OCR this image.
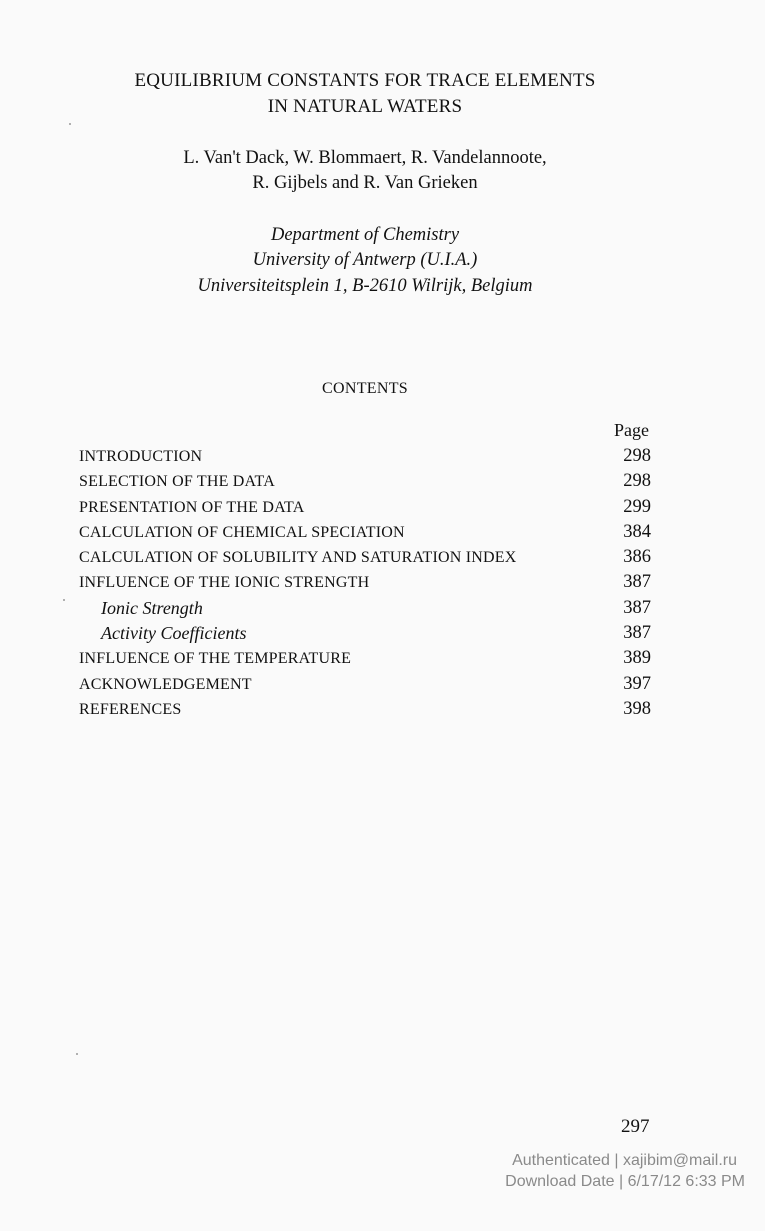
EQUILIBRIUM CONSTANTS FOR TRACE ELEMENTS
IN NATURAL WATERS
L. Van't Dack, W. Blommaert, R. Vandelannoote,
R. Gijbels and R. Van Grieken
Department of Chemistry
University of Antwerp (U.I.A.)
Universiteitsplein 1, B-2610 Wilrijk, Belgium
CONTENTS
Page
INTRODUCTION	298
SELECTION OF THE DATA	298
PRESENTATION OF THE DATA	299
CALCULATION OF CHEMICAL SPECIATION	384
CALCULATION OF SOLUBILITY AND SATURATION INDEX	386
INFLUENCE OF THE IONIC STRENGTH	387
Ionic Strength	387
Activity Coefficients	387
INFLUENCE OF THE TEMPERATURE	389
ACKNOWLEDGEMENT	397
REFERENCES	398
297
Authenticated | xajibim@mail.ru
Download Date | 6/17/12 6:33 PM
